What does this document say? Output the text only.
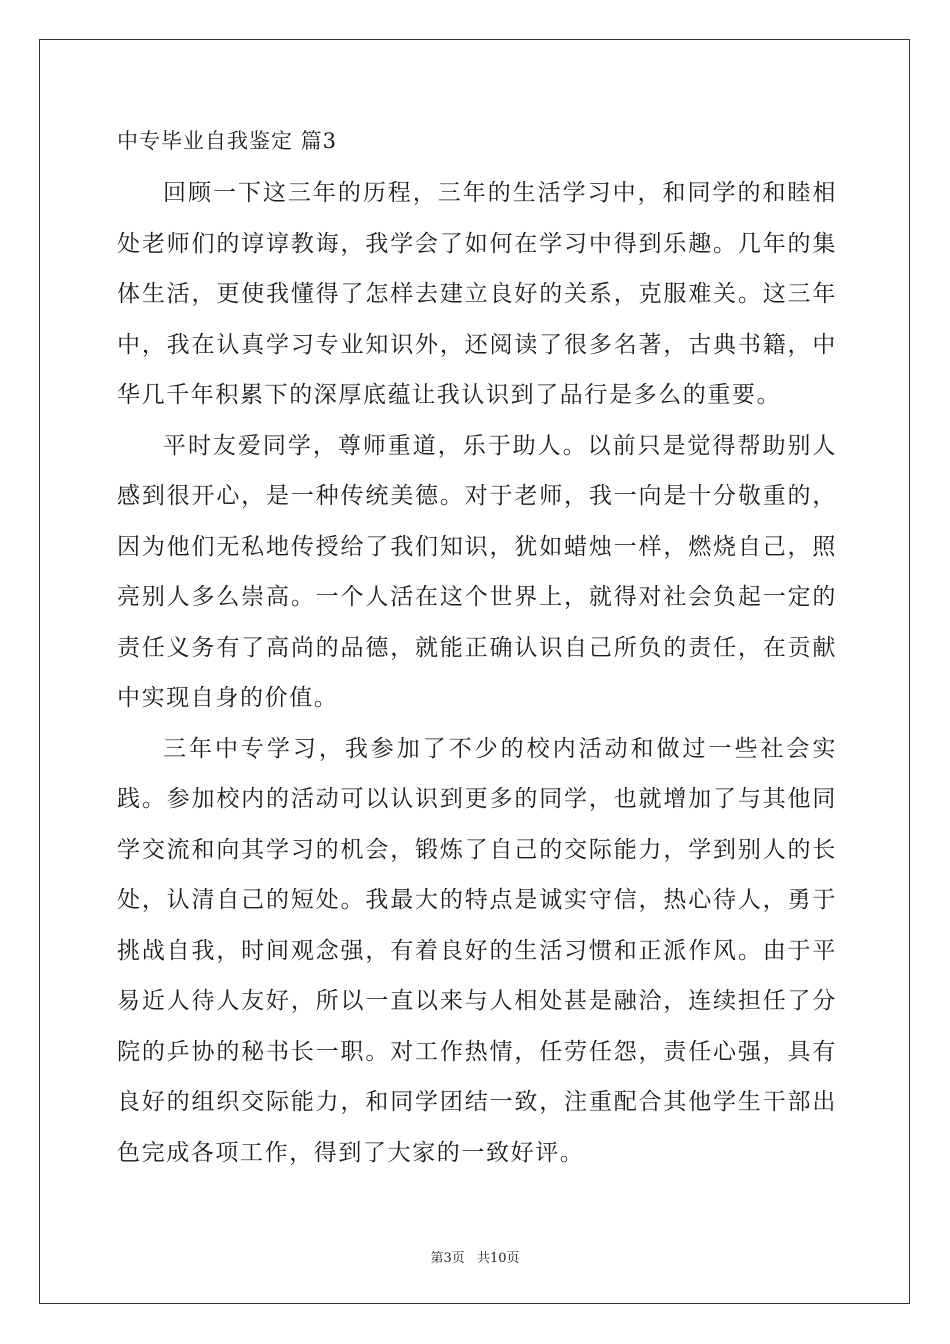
中专毕业自我鉴定 篇3

回顾一下这三年的历程，三年的生活学习中，和同学的和睦相处老师们的谆谆教诲，我学会了如何在学习中得到乐趣。几年的集体生活，更使我懂得了怎样去建立良好的关系，克服难关。这三年中，我在认真学习专业知识外，还阅读了很多名著，古典书籍，中华几千年积累下的深厚底蕴让我认识到了品行是多么的重要。

平时友爱同学，尊师重道，乐于助人。以前只是觉得帮助别人感到很开心，是一种传统美德。对于老师，我一向是十分敬重的，因为他们无私地传授给了我们知识，犹如蜡烛一样，燃烧自己，照亮别人多么崇高。一个人活在这个世界上，就得对社会负起一定的责任义务有了高尚的品德，就能正确认识自己所负的责任，在贡献中实现自身的价值。

三年中专学习，我参加了不少的校内活动和做过一些社会实践。参加校内的活动可以认识到更多的同学，也就增加了与其他同学交流和向其学习的机会，锻炼了自己的交际能力，学到别人的长处，认清自己的短处。我最大的特点是诚实守信，热心待人，勇于挑战自我，时间观念强，有着良好的生活习惯和正派作风。由于平易近人待人友好，所以一直以来与人相处甚是融洽，连续担任了分院的乒协的秘书长一职。对工作热情，任劳任怨，责任心强，具有良好的组织交际能力，和同学团结一致，注重配合其他学生干部出色完成各项工作，得到了大家的一致好评。

第3页 共10页
